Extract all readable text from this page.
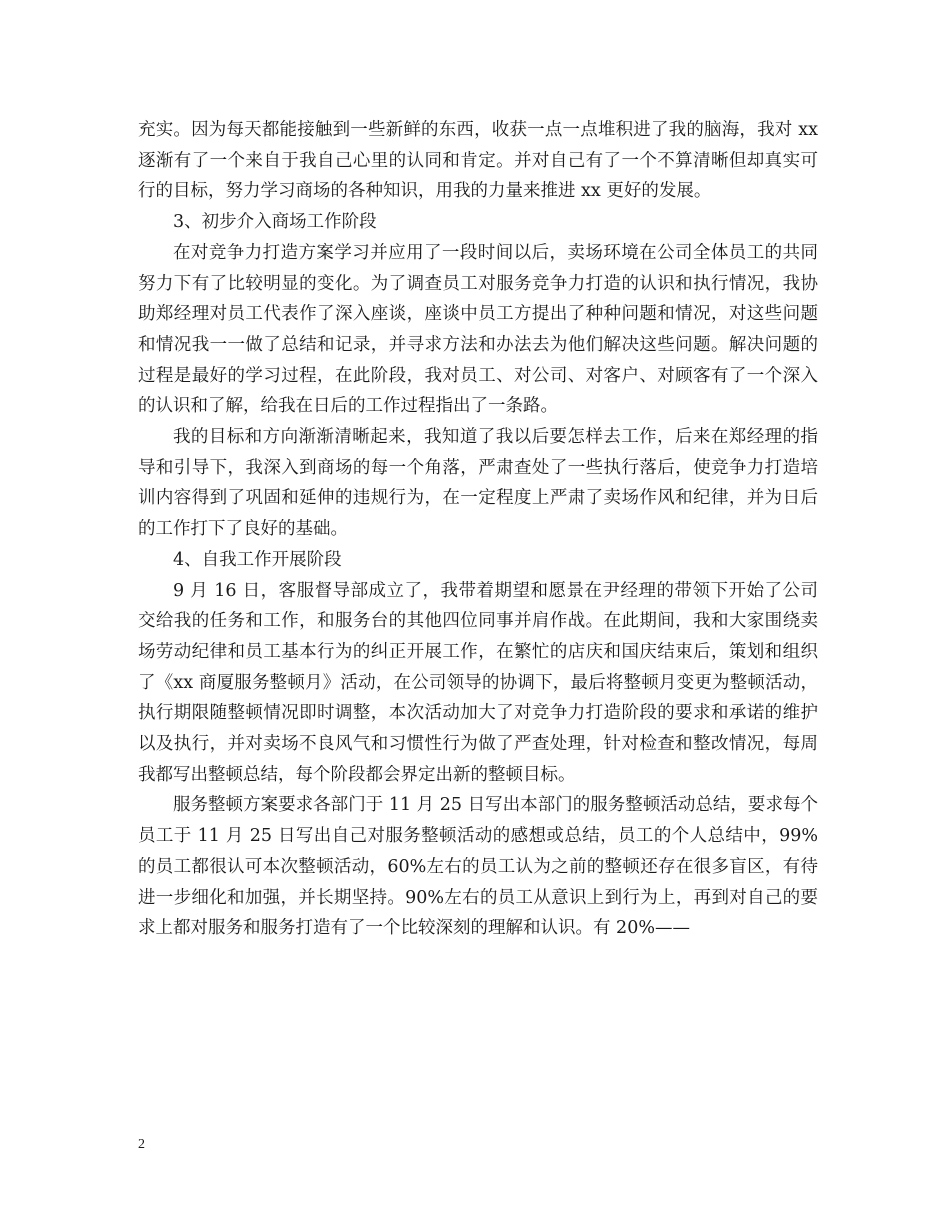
充实。因为每天都能接触到一些新鲜的东西，收获一点一点堆积进了我的脑海，我对 xx 逐渐有了一个来自于我自己心里的认同和肯定。并对自己有了一个不算清晰但却真实可行的目标，努力学习商场的各种知识，用我的力量来推进 xx 更好的发展。

3、初步介入商场工作阶段

在对竞争力打造方案学习并应用了一段时间以后，卖场环境在公司全体员工的共同努力下有了比较明显的变化。为了调查员工对服务竞争力打造的认识和执行情况，我协助郑经理对员工代表作了深入座谈，座谈中员工方提出了种种问题和情况，对这些问题和情况我一一做了总结和记录，并寻求方法和办法去为他们解决这些问题。解决问题的过程是最好的学习过程，在此阶段，我对员工、对公司、对客户、对顾客有了一个深入的认识和了解，给我在日后的工作过程指出了一条路。

我的目标和方向渐渐清晰起来，我知道了我以后要怎样去工作，后来在郑经理的指导和引导下，我深入到商场的每一个角落，严肃查处了一些执行落后，使竞争力打造培训内容得到了巩固和延伸的违规行为，在一定程度上严肃了卖场作风和纪律，并为日后的工作打下了良好的基础。

4、自我工作开展阶段

9 月 16 日，客服督导部成立了，我带着期望和愿景在尹经理的带领下开始了公司交给我的任务和工作，和服务台的其他四位同事并肩作战。在此期间，我和大家围绕卖场劳动纪律和员工基本行为的纠正开展工作，在繁忙的店庆和国庆结束后，策划和组织了《xx 商厦服务整顿月》活动，在公司领导的协调下，最后将整顿月变更为整顿活动，执行期限随整顿情况即时调整，本次活动加大了对竞争力打造阶段的要求和承诺的维护以及执行，并对卖场不良风气和习惯性行为做了严查处理，针对检查和整改情况，每周我都写出整顿总结，每个阶段都会界定出新的整顿目标。

服务整顿方案要求各部门于 11 月 25 日写出本部门的服务整顿活动总结，要求每个员工于 11 月 25 日写出自己对服务整顿活动的感想或总结，员工的个人总结中，99%的员工都很认可本次整顿活动，60%左右的员工认为之前的整顿还存在很多盲区，有待进一步细化和加强，并长期坚持。90%左右的员工从意识上到行为上，再到对自己的要求上都对服务和服务打造有了一个比较深刻的理解和认识。有 20%——

2
